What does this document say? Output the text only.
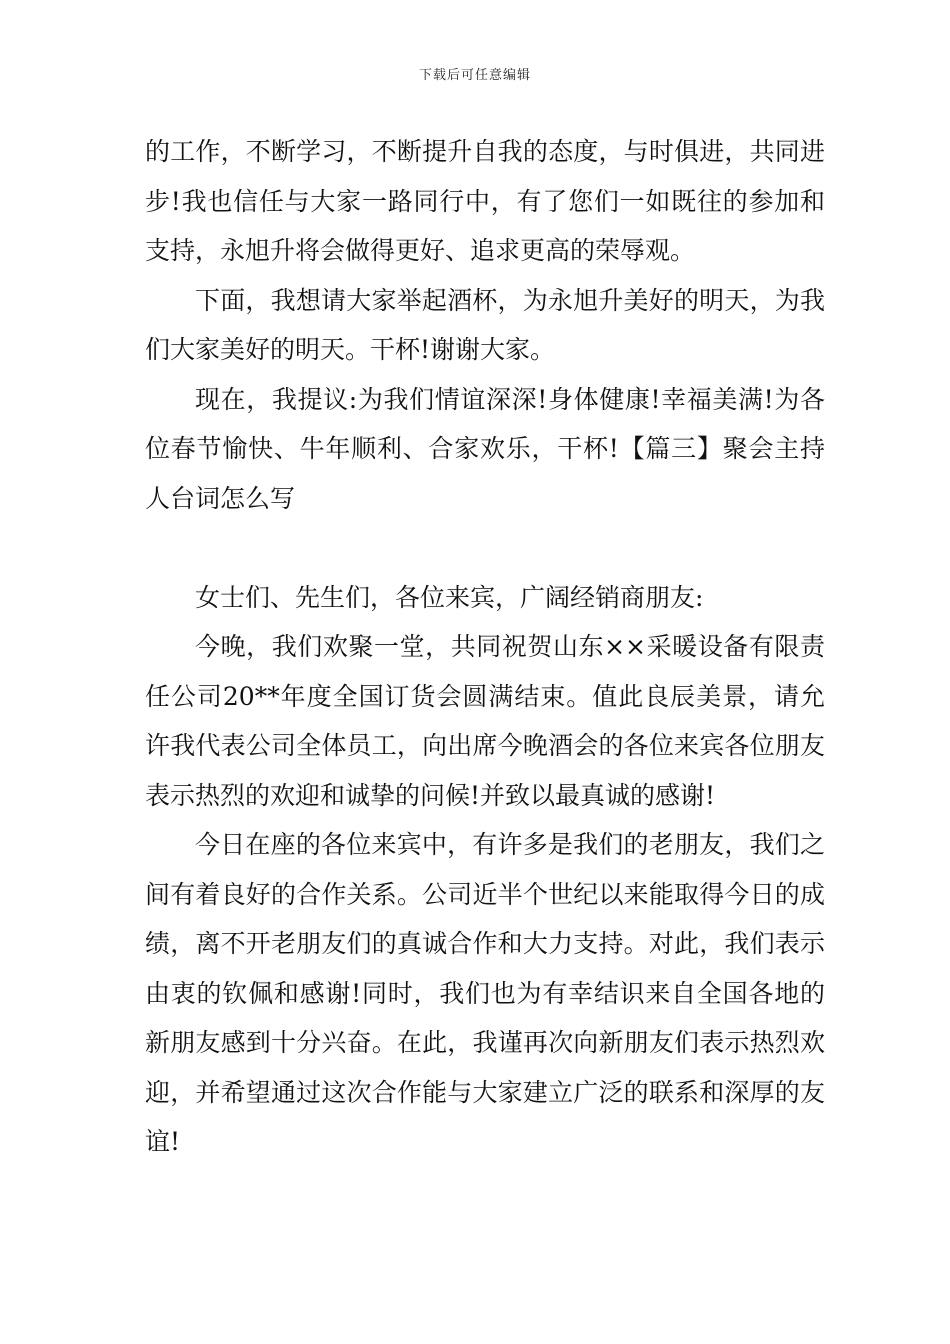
下载后可任意编辑

的工作，不断学习，不断提升自我的态度，与时俱进，共同进步!我也信任与大家一路同行中，有了您们一如既往的参加和支持，永旭升将会做得更好、追求更高的荣辱观。

下面，我想请大家举起酒杯，为永旭升美好的明天，为我们大家美好的明天。干杯!谢谢大家。

现在，我提议:为我们情谊深深!身体健康!幸福美满!为各位春节愉快、牛年顺利、合家欢乐，干杯!【篇三】聚会主持人台词怎么写

女士们、先生们，各位来宾，广阔经销商朋友:

今晚，我们欢聚一堂，共同祝贺山东××采暖设备有限责任公司20**年度全国订货会圆满结束。值此良辰美景，请允许我代表公司全体员工，向出席今晚酒会的各位来宾各位朋友表示热烈的欢迎和诚挚的问候!并致以最真诚的感谢!

今日在座的各位来宾中，有许多是我们的老朋友，我们之间有着良好的合作关系。公司近半个世纪以来能取得今日的成绩，离不开老朋友们的真诚合作和大力支持。对此，我们表示由衷的钦佩和感谢!同时，我们也为有幸结识来自全国各地的新朋友感到十分兴奋。在此，我谨再次向新朋友们表示热烈欢迎，并希望通过这次合作能与大家建立广泛的联系和深厚的友谊!
